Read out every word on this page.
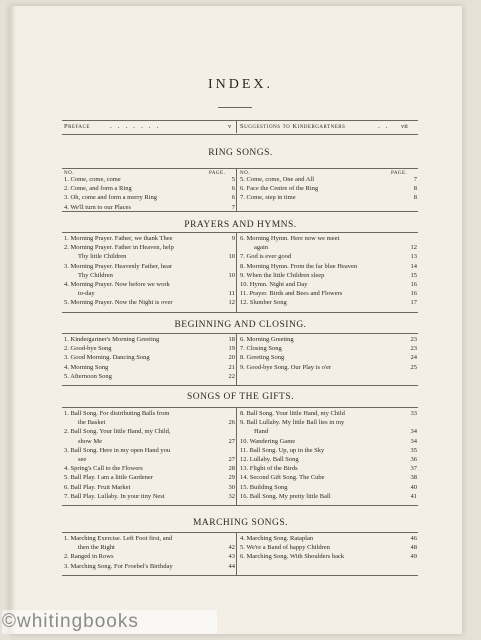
INDEX.
Preface	.......	v Suggestions to Kindergartners	.. vii
RING SONGS.
NO.	PAGE.	NO.	PAGE.
1. Come, come, come	5
2. Come, and form a Ring	6
3. Oh, come and form a merry Ring	6
4. We'll turn to our Places	7
5. Come, come, One and All	7
6. Face the Centre of the Ring	8
7. Come, step in time	8
PRAYERS AND HYMNS.
1. Morning Prayer. Father, we thank Thee	9
2. Morning Prayer. Father in Heaven, help
Thy little Children	10
3. Morning Prayer. Heavenly Father, hear
Thy Children	10
4. Morning Prayer. Now before we work
to-day	11
5. Morning Prayer. Now the Night is over	12
6. Morning Hymn. Here now we meet
again	12
7. God is ever good	13
8. Morning Hymn. From the far blue Heaven	14
9. When the little Children sleep	15
10. Hymn. Night and Day	16
11. Prayer. Birds and Bees and Flowers	16
12. Slumber Song	17
BEGINNING AND CLOSING.
1. Kindergartner's Morning Greeting	18
2. Good-bye Song	19
3. Good Morning. Dancing Song	20
4. Morning Song	21
5. Afternoon Song	22
6. Morning Greeting	23
7. Closing Song	23
8. Greeting Song	24
9. Good-bye Song. Our Play is o'er	25
SONGS OF THE GIFTS.
1. Ball Song. For distributing Balls from
the Basket	26
2. Ball Song. Your little Hand, my Child,
show Me	27
3. Ball Song. Here in my open Hand you
see	27
4. Spring's Call to the Flowers	28
5. Ball Play. I am a little Gardener	29
6. Ball Play. Fruit Market	30
7. Ball Play. Lullaby. In your tiny Nest	32
8. Ball Song. Your little Hand, my Child	33
9. Ball Lullaby. My little Ball lies in my
Hand	34
10. Wandering Game	34
11. Ball Song. Up, up in the Sky	35
12. Lullaby. Ball Song	36
13. Flight of the Birds	37
14. Second Gift Song. The Cube	38
15. Building Song	40
16. Ball Song. My pretty little Ball	41
MARCHING SONGS.
1. Marching Exercise. Left Foot first, and
then the Right	42
2. Ranged in Rows	43
3. Marching Song. For Froebel's Birthday	44
4. Marching Song. Rataplan	46
5. We're a Band of happy Children	48
6. Marching Song. With Shoulders back	49
©whitingbooks
